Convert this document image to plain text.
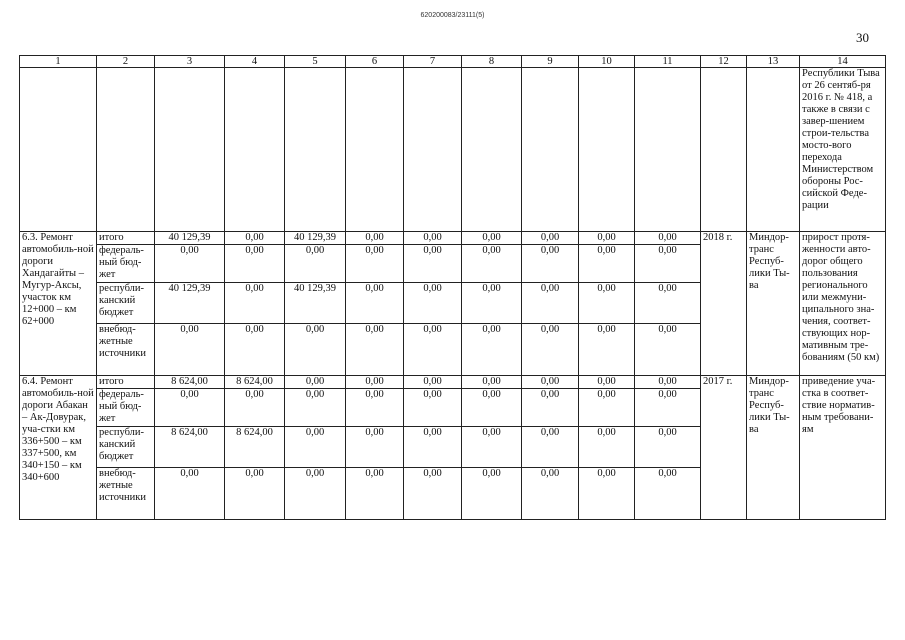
620200083/23111(5)
30
1	2	3	4	5	6	7	8	9	10	11	12	13	14
													Республики Тыва от 26 сентяб-ря 2016 г. № 418, а также в связи с завер-шением строи-тельства мосто-вого перехода Министерством обороны Рос-сийской Феде-рации
6.3. Ремонт автомобиль-ной дороги Хандагайты – Мугур-Аксы, участок км 12+000 – км 62+000	итого	40 129,39	0,00	40 129,39	0,00	0,00	0,00	0,00	0,00	0,00	2018 г.	Миндор-транс Респуб-лики Ты-ва	прирост протя-женности авто-дорог общего пользования регионального или межмуни-ципального зна-чения, соответ-ствующих нор-мативным тре-бованиям (50 км)
	федераль-ный бюд-жет	0,00	0,00	0,00	0,00	0,00	0,00	0,00	0,00	0,00			
	республи-канский бюджет	40 129,39	0,00	40 129,39	0,00	0,00	0,00	0,00	0,00	0,00			
	внебюд-жетные источники	0,00	0,00	0,00	0,00	0,00	0,00	0,00	0,00	0,00			
6.4. Ремонт автомобиль-ной дороги Абакан – Ак-Довурак, уча-стки км 336+500 – км 337+500, км 340+150 – км 340+600	итого	8 624,00	8 624,00	0,00	0,00	0,00	0,00	0,00	0,00	0,00	2017 г.	Миндор-транс Респуб-лики Ты-ва	приведение уча-стка в соответ-ствие норматив-ным требовани-ям
	федераль-ный бюд-жет	0,00	0,00	0,00	0,00	0,00	0,00	0,00	0,00	0,00			
	республи-канский бюджет	8 624,00	8 624,00	0,00	0,00	0,00	0,00	0,00	0,00	0,00			
	внебюд-жетные источники	0,00	0,00	0,00	0,00	0,00	0,00	0,00	0,00	0,00			
